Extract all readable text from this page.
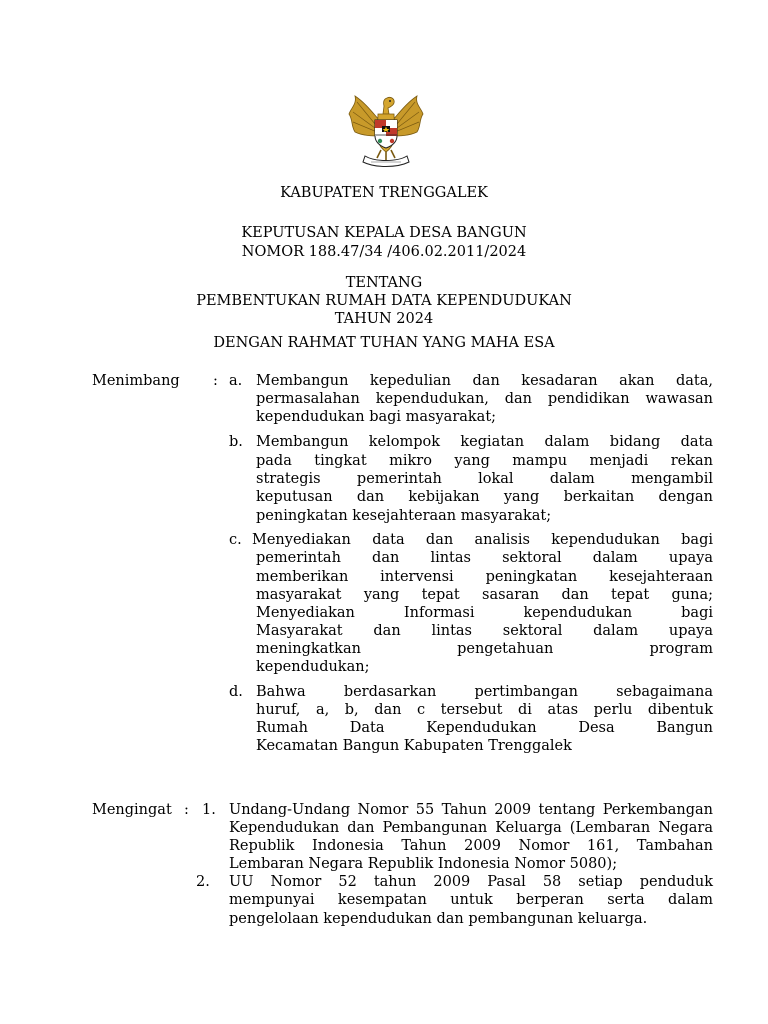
KABUPATEN TRENGGALEK
KEPUTUSAN KEPALA DESA BANGUN
NOMOR 188.47/34 /406.02.2011/2024
TENTANG
PEMBENTUKAN RUMAH DATA KEPENDUDUKAN
TAHUN 2024
DENGAN RAHMAT TUHAN YANG MAHA ESA
Menimbang : a. Membangun kepedulian dan kesadaran akan data,
permasalahan kependudukan, dan pendidikan wawasan
kependudukan bagi masyarakat;
b. Membangun kelompok kegiatan dalam bidang data
pada tingkat mikro yang mampu menjadi rekan
strategis pemerintah lokal dalam mengambil
keputusan dan kebijakan yang berkaitan dengan
peningkatan kesejahteraan masyarakat;
c. Menyediakan data dan analisis kependudukan bagi
pemerintah dan lintas sektoral dalam upaya
memberikan intervensi peningkatan kesejahteraan
masyarakat yang tepat sasaran dan tepat guna;
Menyediakan Informasi kependudukan bagi
Masyarakat dan lintas sektoral dalam upaya
meningkatkan pengetahuan program
kependudukan;
d. Bahwa berdasarkan pertimbangan sebagaimana
huruf, a, b, dan c tersebut di atas perlu dibentuk
Rumah Data Kependudukan Desa Bangun
Kecamatan Bangun Kabupaten Trenggalek
Mengingat : 1. Undang-Undang Nomor 55 Tahun 2009 tentang Perkembangan
Kependudukan dan Pembangunan Keluarga (Lembaran Negara
Republik Indonesia Tahun 2009 Nomor 161, Tambahan
Lembaran Negara Republik Indonesia Nomor 5080);
2. UU Nomor 52 tahun 2009 Pasal 58 setiap penduduk
mempunyai kesempatan untuk berperan serta dalam
pengelolaan kependudukan dan pembangunan keluarga.
